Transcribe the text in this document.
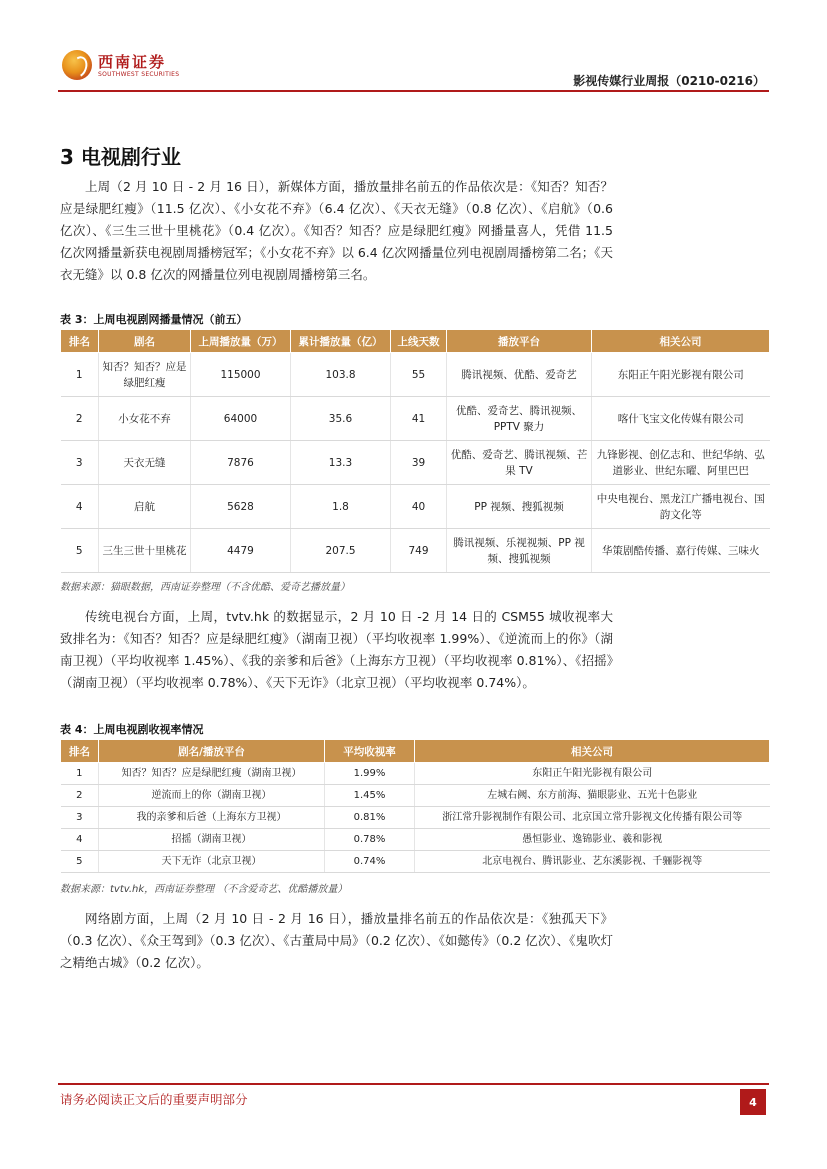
西南证券
SOUTHWEST SECURITIES	影视传媒行业周报（0210-0216）
3 电视剧行业

上周（2 月 10 日 - 2 月 16 日），新媒体方面，播放量排名前五的作品依次是：《知否？知否？应是绿肥红瘦》（11.5 亿次）、《小女花不弃》（6.4 亿次）、《天衣无缝》（0.8 亿次）、《启航》（0.6 亿次）、《三生三世十里桃花》（0.4 亿次）。《知否？知否？应是绿肥红瘦》网播量喜人，凭借 11.5 亿次网播量新获电视剧周播榜冠军；《小女花不弃》以 6.4 亿次网播量位列电视剧周播榜第二名；《天衣无缝》以 0.8 亿次的网播量位列电视剧周播榜第三名。

表 3：上周电视剧网播量情况（前五）
排名	剧名	上周播放量（万）	累计播放量（亿）	上线天数	播放平台	相关公司
1	知否？知否？应是绿肥红瘦	115000	103.8	55	腾讯视频、优酷、爱奇艺	东阳正午阳光影视有限公司
2	小女花不弃	64000	35.6	41	优酷、爱奇艺、腾讯视频、PPTV 聚力	喀什飞宝文化传媒有限公司
3	天衣无缝	7876	13.3	39	优酷、爱奇艺、腾讯视频、芒果 TV	九锋影视、创亿志和、世纪华纳、弘道影业、世纪东曜、阿里巴巴
4	启航	5628	1.8	40	PP 视频、搜狐视频	中央电视台、黑龙江广播电视台、国韵文化等
5	三生三世十里桃花	4479	207.5	749	腾讯视频、乐视视频、PP 视频、搜狐视频	华策剧酷传播、嘉行传媒、三味火
数据来源：猫眼数据，西南证券整理（不含优酷、爱奇艺播放量）

传统电视台方面，上周，tvtv.hk 的数据显示，2 月 10 日 -2 月 14 日的 CSM55 城收视率大致排名为：《知否？知否？应是绿肥红瘦》（湖南卫视）（平均收视率 1.99%）、《逆流而上的你》（湖南卫视）（平均收视率 1.45%）、《我的亲爹和后爸》（上海东方卫视）（平均收视率 0.81%）、《招摇》（湖南卫视）（平均收视率 0.78%）、《天下无诈》（北京卫视）（平均收视率 0.74%）。

表 4：上周电视剧收视率情况
排名	剧名/播放平台	平均收视率	相关公司
1	知否？知否？应是绿肥红瘦（湖南卫视）	1.99%	东阳正午阳光影视有限公司
2	逆流而上的你（湖南卫视）	1.45%	左城右阙、东方前海、猫眼影业、五光十色影业
3	我的亲爹和后爸（上海东方卫视）	0.81%	浙江常升影视制作有限公司、北京国立常升影视文化传播有限公司等
4	招摇（湖南卫视）	0.78%	愚恒影业、逸锦影业、羲和影视
5	天下无诈（北京卫视）	0.74%	北京电视台、腾讯影业、艺东溪影视、千骊影视等
数据来源：tvtv.hk，西南证券整理 （不含爱奇艺、优酷播放量）

网络剧方面，上周（2 月 10 日 - 2 月 16 日），播放量排名前五的作品依次是：《独孤天下》（0.3 亿次）、《众王驾到》（0.3 亿次）、《古董局中局》（0.2 亿次）、《如懿传》（0.2 亿次）、《鬼吹灯之精绝古城》（0.2 亿次）。

请务必阅读正文后的重要声明部分	4
